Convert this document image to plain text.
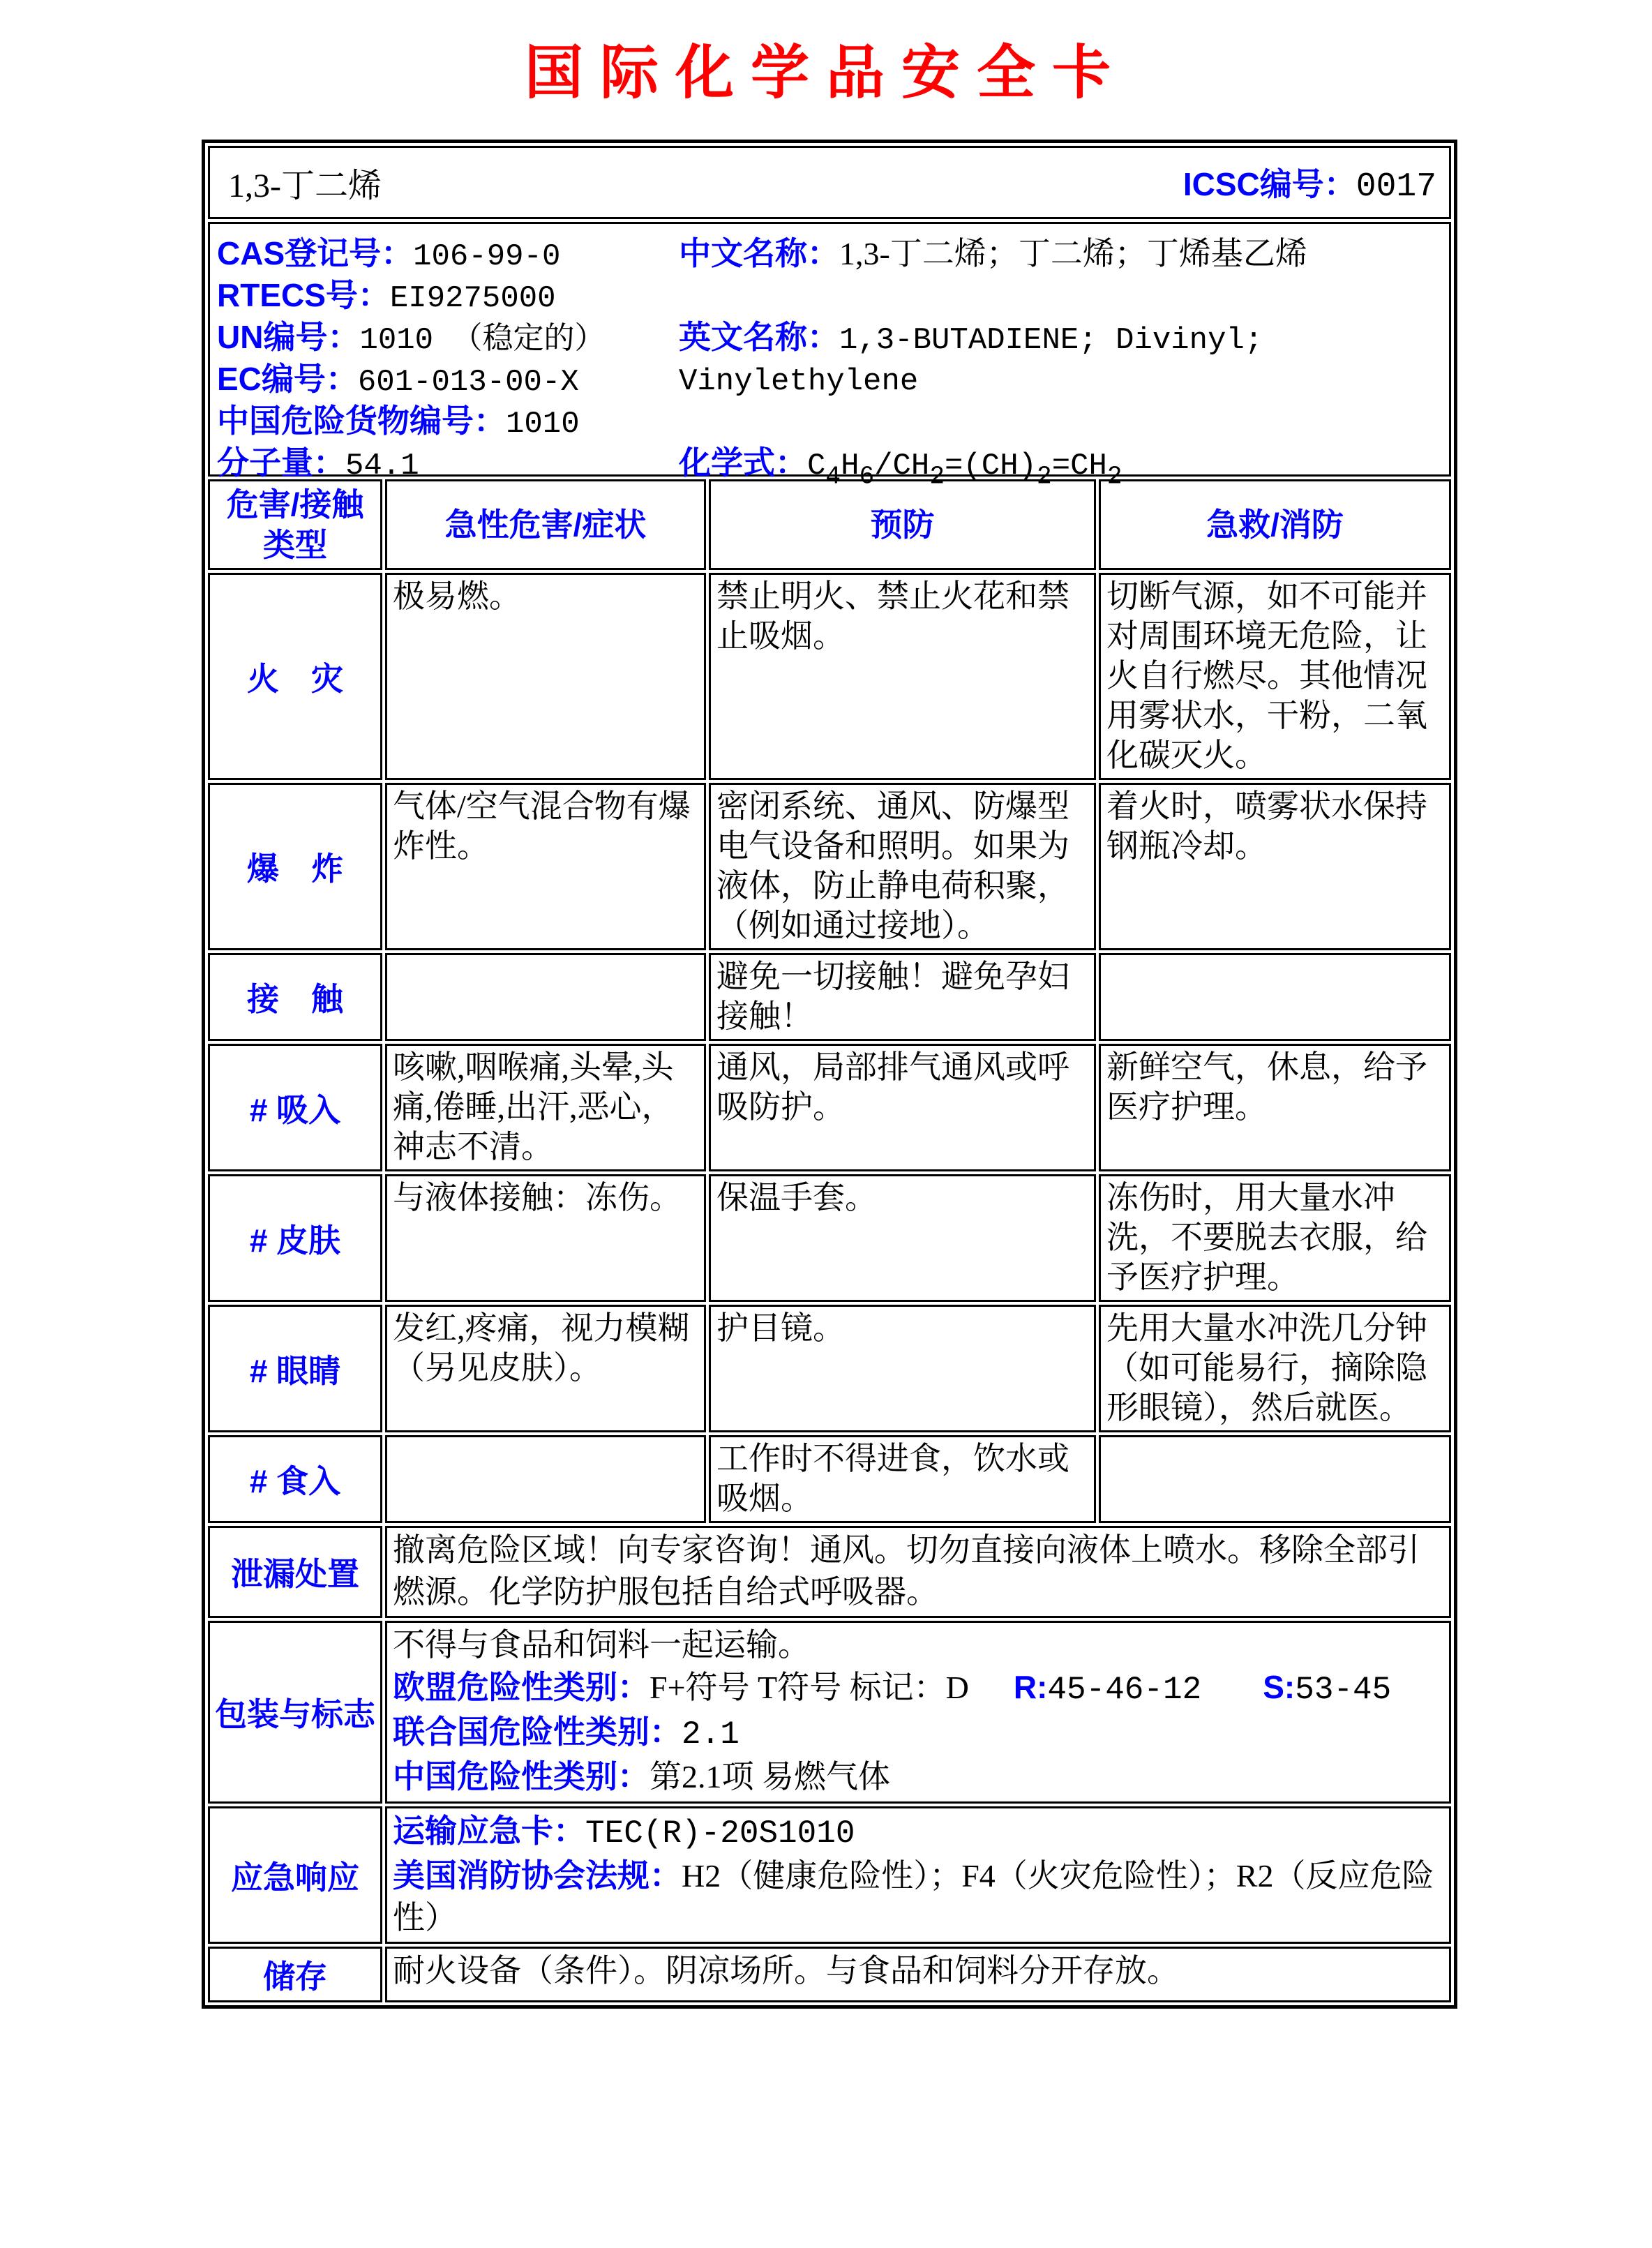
国际化学品安全卡
1,3-丁二烯 ICSC编号：0017			

CAS登记号：106-99-0
RTECS号：EI9275000
UN编号：1010 （稳定的）
EC编号：601-013-00-X
中国危险货物编号：1010
分子量：54.1
中文名称：1,3-丁二烯；丁二烯；丁烯基乙烯
英文名称：1,3-BUTADIENE; Divinyl;
Vinylethylene
化学式：$C_4H_6/CH_2=(CH)_2=CH_2$

危害/接触
类型	急性危害/症状	预防	急救/消防
火　灾	极易燃。	禁止明火、禁止火花和禁止吸烟。	切断气源，如不可能并对周围环境无危险，让火自行燃尽。其他情况用雾状水，干粉，二氧化碳灭火。
爆　炸	气体/空气混合物有爆炸性。	密闭系统、通风、防爆型电气设备和照明。如果为液体，防止静电荷积聚，（例如通过接地）。	着火时，喷雾状水保持钢瓶冷却。
接　触		避免一切接触！避免孕妇接触！	
# 吸入	咳嗽,咽喉痛,头晕,头痛,倦睡,出汗,恶心，神志不清。	通风，局部排气通风或呼吸防护。	新鲜空气，休息，给予医疗护理。
# 皮肤	与液体接触：冻伤。	保温手套。	冻伤时，用大量水冲洗，不要脱去衣服，给予医疗护理。
# 眼睛	发红,疼痛，视力模糊（另见皮肤）。	护目镜。	先用大量水冲洗几分钟（如可能易行，摘除隐形眼镜），然后就医。
# 食入		工作时不得进食，饮水或吸烟。	
泄漏处置	撤离危险区域！向专家咨询！通风。切勿直接向液体上喷水。移除全部引燃源。化学防护服包括自给式呼吸器。		
包装与标志	不得与食品和饲料一起运输。
欧盟危险性类别：F+符号 T符号 标记：D R:45-46-12 S:53-45
联合国危险性类别：2.1
中国危险性类别：第2.1项 易燃气体		

应急响应	运输应急卡：TEC(R)-20S1010
美国消防协会法规：H2（健康危险性）；F4（火灾危险性）；R2（反应危险性）		

储存	耐火设备（条件）。阴凉场所。与食品和饲料分开存放。		
